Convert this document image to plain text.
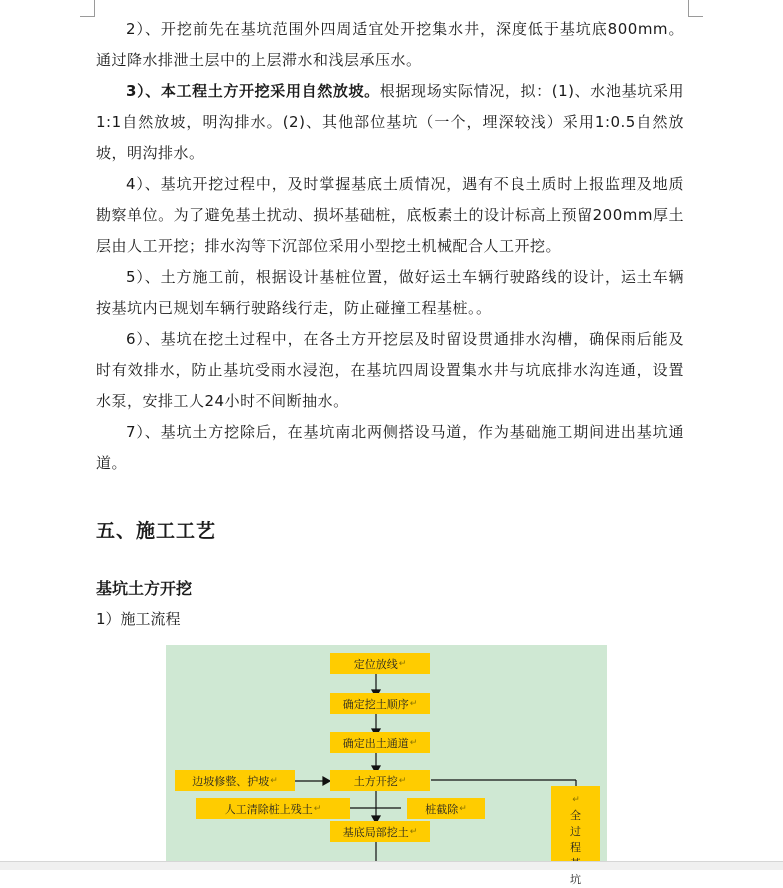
2）、开挖前先在基坑范围外四周适宜处开挖集水井，深度低于基坑底800mm。通过降水排泄土层中的上层滞水和浅层承压水。

3）、本工程土方开挖采用自然放坡。根据现场实际情况，拟：(1)、水池基坑采用1:1自然放坡，明沟排水。(2)、其他部位基坑（一个，埋深较浅）采用1:0.5自然放坡，明沟排水。

4）、基坑开挖过程中，及时掌握基底土质情况，遇有不良土质时上报监理及地质勘察单位。为了避免基土扰动、损坏基础桩，底板素土的设计标高上预留200mm厚土层由人工开挖；排水沟等下沉部位采用小型挖土机械配合人工开挖。

5）、土方施工前，根据设计基桩位置，做好运土车辆行驶路线的设计，运土车辆按基坑内已规划车辆行驶路线行走，防止碰撞工程基桩。。

6）、基坑在挖土过程中，在各土方开挖层及时留设贯通排水沟槽，确保雨后能及时有效排水，防止基坑受雨水浸泡，在基坑四周设置集水井与坑底排水沟连通，设置水泵，安排工人24小时不间断抽水。

7）、基坑土方挖除后，在基坑南北两侧搭设马道，作为基础施工期间进出基坑通道。

五、施工工艺
基坑土方开挖
1）施工流程
定位放线 ↵
确定挖土顺序 ↵
确定出土通道 ↵
土方开挖 ↵
基底局部挖土 ↵
边坡修整、护坡 ↵
人工清除桩上残土 ↵	桩截除 ↵
↵
全
过
程
坑
